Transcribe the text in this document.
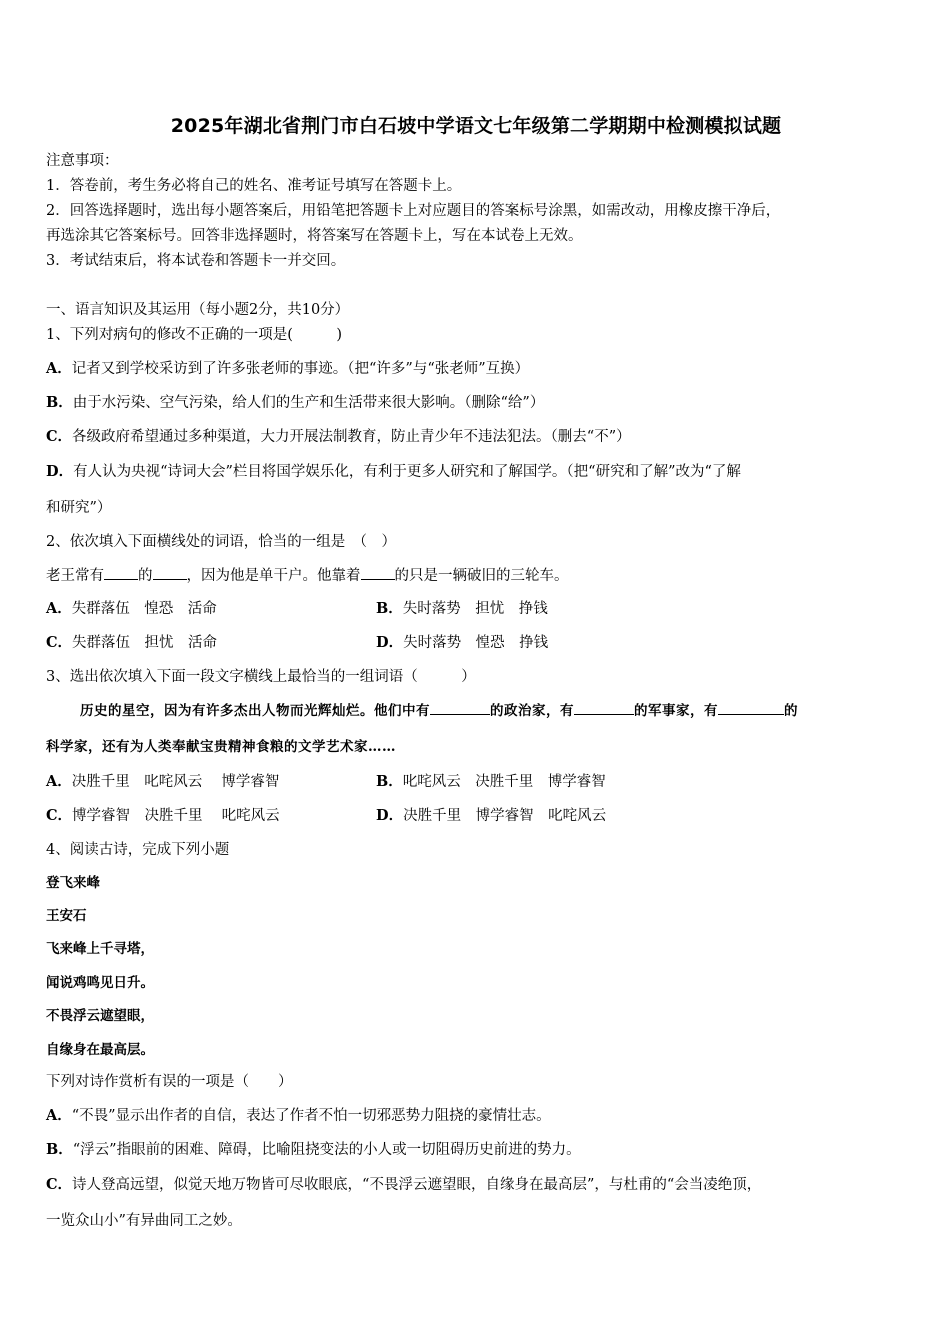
2025年湖北省荆门市白石坡中学语文七年级第二学期期中检测模拟试题
注意事项：
1．答卷前，考生务必将自己的姓名、准考证号填写在答题卡上。
2．回答选择题时，选出每小题答案后，用铅笔把答题卡上对应题目的答案标号涂黑，如需改动，用橡皮擦干净后，
再选涂其它答案标号。回答非选择题时，将答案写在答题卡上，写在本试卷上无效。
3．考试结束后，将本试卷和答题卡一并交回。
一、语言知识及其运用（每小题2分，共10分）
1、下列对病句的修改不正确的一项是(　　　)
A．记者又到学校采访到了许多张老师的事迹。（把“许多”与“张老师”互换）
B．由于水污染、空气污染，给人们的生产和生活带来很大影响。（删除“给”）
C．各级政府希望通过多种渠道，大力开展法制教育，防止青少年不违法犯法。（删去“不”）
D．有人认为央视“诗词大会”栏目将国学娱乐化，有利于更多人研究和了解国学。（把“研究和了解”改为“了解
和研究”）
2、依次填入下面横线处的词语，恰当的一组是　（　）
老王常有 的 ，因为他是单干户。他靠着 的只是一辆破旧的三轮车。
A．失群落伍　惶恐　活命	B．失时落势　担忧　挣钱
C．失群落伍　担忧　活命	D．失时落势　惶恐　挣钱
3、选出依次填入下面一段文字横线上最恰当的一组词语（　　　）
历史的星空，因为有许多杰出人物而光辉灿烂。他们中有	的政治家，有	的军事家，有	的
科学家，还有为人类奉献宝贵精神食粮的文学艺术家……
A．决胜千里　叱咤风云　 博学睿智	B．叱咤风云　决胜千里　博学睿智
C．博学睿智　决胜千里　 叱咤风云	D．决胜千里　博学睿智　叱咤风云
4、阅读古诗，完成下列小题
登飞来峰
王安石
飞来峰上千寻塔，
闻说鸡鸣见日升。
不畏浮云遮望眼，
自缘身在最高层。
下列对诗作赏析有误的一项是（　　）
A．“不畏”显示出作者的自信，表达了作者不怕一切邪恶势力阻挠的豪情壮志。
B．“浮云”指眼前的困难、障碍，比喻阻挠变法的小人或一切阻碍历史前进的势力。
C．诗人登高远望，似觉天地万物皆可尽收眼底，“不畏浮云遮望眼，自缘身在最高层”，与杜甫的“会当凌绝顶，
一览众山小”有异曲同工之妙。
